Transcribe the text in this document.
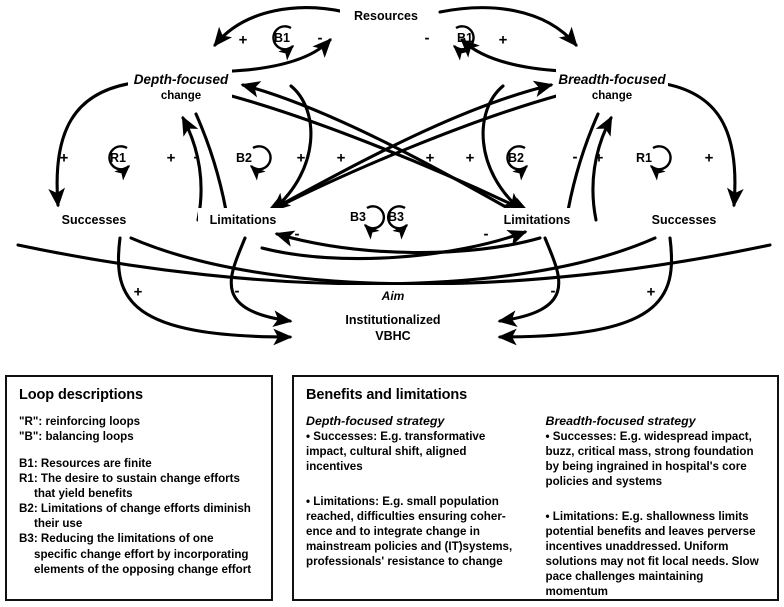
B1	B1
R1	B2	B2	R1
B3 B3
Resources
Depth-focused
change
Breadth-focused
change
Successes	Limitations	Limitations	Successes
Aim
Institutionalized
VBHC
+	-	-	+
+	+ -	+ +	+ +	- +	+
-	-
+	-	-	+
Loop descriptions
"R": reinforcing loops
"B": balancing loops
B1: Resources are finite
R1: The desire to sustain change efforts that yield benefits
B2: Limitations of change efforts diminish their use
B3: Reducing the limitations of one specific change effort by incorporating elements of the opposing change effort
Benefits and limitations
Depth-focused strategy
• Successes: E.g. transformative impact, cultural shift, aligned incentives
• Limitations: E.g. small population reached, difficulties ensuring coher-ence and to integrate change in mainstream policies and (IT)systems, professionals' resistance to change
Breadth-focused strategy
• Successes: E.g. widespread impact, buzz, critical mass, strong foundation by being ingrained in hospital's core policies and systems
• Limitations: E.g. shallowness limits potential benefits and leaves perverse incentives unaddressed. Uniform solutions may not fit local needs. Slow pace challenges maintaining momentum
